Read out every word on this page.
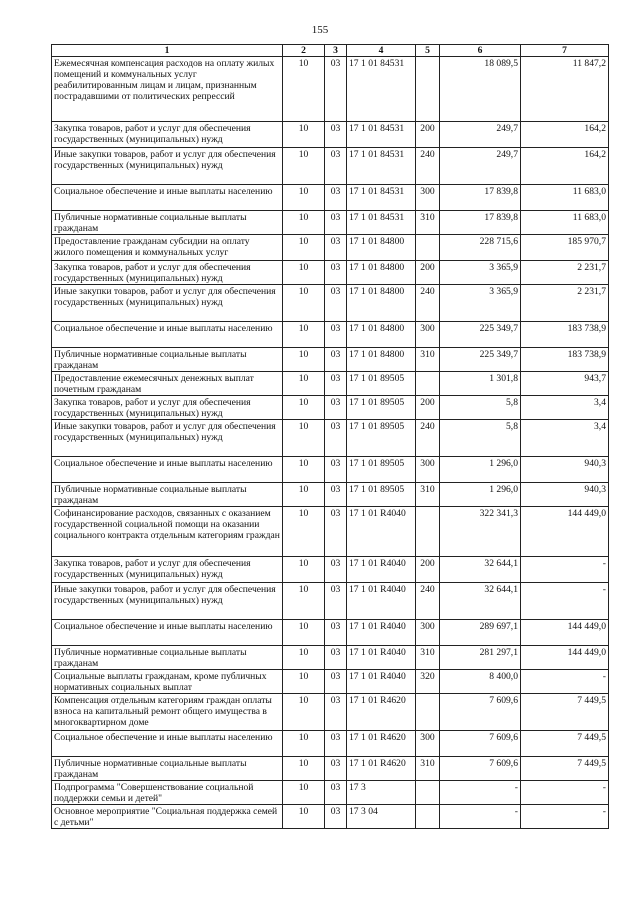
155
1	2	3	4	5	6	7
Ежемесячная компенсация расходов на оплату жилых помещений и коммунальных услуг реабилитированным лицам и лицам, признанным пострадавшими от политических репрессий	10	03	17 1 01 84531		18 089,5	11 847,2
Закупка товаров, работ и услуг для обеспечения государственных (муниципальных) нужд	10	03	17 1 01 84531	200	249,7	164,2
Иные закупки товаров, работ и услуг для обеспечения государственных (муниципальных) нужд	10	03	17 1 01 84531	240	249,7	164,2
Социальное обеспечение и иные выплаты населению	10	03	17 1 01 84531	300	17 839,8	11 683,0
Публичные нормативные социальные выплаты гражданам	10	03	17 1 01 84531	310	17 839,8	11 683,0
Предоставление гражданам субсидии на оплату жилого помещения и коммунальных услуг	10	03	17 1 01 84800		228 715,6	185 970,7
Закупка товаров, работ и услуг для обеспечения государственных (муниципальных) нужд	10	03	17 1 01 84800	200	3 365,9	2 231,7
Иные закупки товаров, работ и услуг для обеспечения государственных (муниципальных) нужд	10	03	17 1 01 84800	240	3 365,9	2 231,7
Социальное обеспечение и иные выплаты населению	10	03	17 1 01 84800	300	225 349,7	183 738,9
Публичные нормативные социальные выплаты гражданам	10	03	17 1 01 84800	310	225 349,7	183 738,9
Предоставление ежемесячных денежных выплат почетным гражданам	10	03	17 1 01 89505		1 301,8	943,7
Закупка товаров, работ и услуг для обеспечения государственных (муниципальных) нужд	10	03	17 1 01 89505	200	5,8	3,4
Иные закупки товаров, работ и услуг для обеспечения государственных (муниципальных) нужд	10	03	17 1 01 89505	240	5,8	3,4
Социальное обеспечение и иные выплаты населению	10	03	17 1 01 89505	300	1 296,0	940,3
Публичные нормативные социальные выплаты гражданам	10	03	17 1 01 89505	310	1 296,0	940,3
Софинансирование расходов, связанных с оказанием государственной социальной помощи на оказании социального контракта отдельным категориям граждан	10	03	17 1 01 R4040		322 341,3	144 449,0
Закупка товаров, работ и услуг для обеспечения государственных (муниципальных) нужд	10	03	17 1 01 R4040	200	32 644,1	-
Иные закупки товаров, работ и услуг для обеспечения государственных (муниципальных) нужд	10	03	17 1 01 R4040	240	32 644,1	-
Социальное обеспечение и иные выплаты населению	10	03	17 1 01 R4040	300	289 697,1	144 449,0
Публичные нормативные социальные выплаты гражданам	10	03	17 1 01 R4040	310	281 297,1	144 449,0
Социальные выплаты гражданам, кроме публичных нормативных социальных выплат	10	03	17 1 01 R4040	320	8 400,0	-
Компенсация отдельным категориям граждан оплаты взноса на капитальный ремонт общего имущества в многоквартирном доме	10	03	17 1 01 R4620		7 609,6	7 449,5
Социальное обеспечение и иные выплаты населению	10	03	17 1 01 R4620	300	7 609,6	7 449,5
Публичные нормативные социальные выплаты гражданам	10	03	17 1 01 R4620	310	7 609,6	7 449,5
Подпрограмма "Совершенствование социальной поддержки семьи и детей"	10	03	17 3		-	-
Основное мероприятие "Социальная поддержка семей с детьми"	10	03	17 3 04		-	-
